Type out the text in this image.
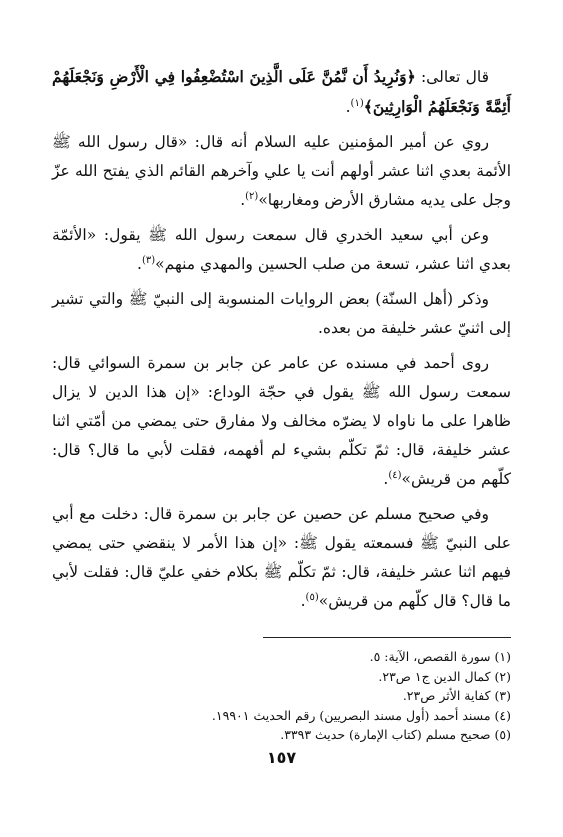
قال تعالى: ﴿وَنُرِيدُ أَن نَّمُنَّ عَلَى الَّذِينَ اسْتُضْعِفُوا فِي الْأَرْضِ وَنَجْعَلَهُمْ أَئِمَّةً وَنَجْعَلَهُمُ الْوَارِثِينَ﴾$^{(١)}$.

روي عن أمير المؤمنين عليه السلام أنه قال: «قال رسول الله ﷺ الأئمة بعدي اثنا عشر أولهم أنت يا علي وآخرهم القائم الذي يفتح الله عزّ وجل على يديه مشارق الأرض ومغاربها»$^{(٢)}$.

وعن أبي سعيد الخدري قال سمعت رسول الله ﷺ يقول: «الأئمّة بعدي اثنا عشر، تسعة من صلب الحسين والمهدي منهم»$^{(٣)}$.

وذكر (أهل السنّة) بعض الروايات المنسوبة إلى النبيّ ﷺ والتي تشير إلى اثنيّ عشر خليفة من بعده.

روى أحمد في مسنده عن عامر عن جابر بن سمرة السوائي قال: سمعت رسول الله ﷺ يقول في حجّة الوداع: «إن هذا الدين لا يزال ظاهرا على ما ناواه لا يضرّه مخالف ولا مفارق حتى يمضي من أمّتي اثنا عشر خليفة، قال: ثمّ تكلّم بشيء لم أفهمه، فقلت لأبي ما قال؟ قال: كلّهم من قريش»$^{(٤)}$.

وفي صحيح مسلم عن حصين عن جابر بن سمرة قال: دخلت مع أبي على النبيّ ﷺ فسمعته يقول ﷺ: «إن هذا الأمر لا ينقضي حتى يمضي فيهم اثنا عشر خليفة، قال: ثمّ تكلّم ﷺ بكلام خفي عليّ قال: فقلت لأبي ما قال؟ قال كلّهم من قريش»$^{(٥)}$.

(١) سورة القصص، الآية: ٥.

(٢) كمال الدين ج١ ص٢٣.

(٣) كفاية الأثر ص٢٣.

(٤) مسند أحمد (أول مسند البصريين) رقم الحديث ١٩٩٠١.

(٥) صحيح مسلم (كتاب الإمارة) حديث ٣٣٩٣.

١٥٧
